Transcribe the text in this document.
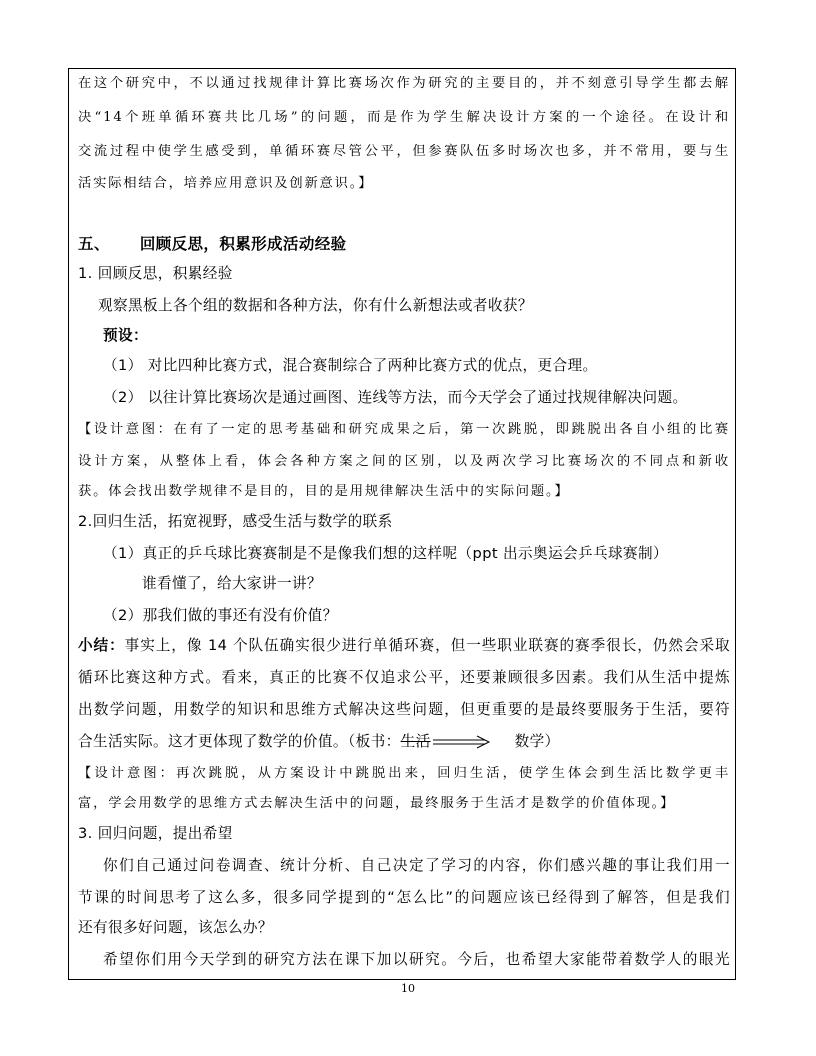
在这个研究中，不以通过找规律计算比赛场次作为研究的主要目的，并不刻意引导学生都去解
决“14个班单循环赛共比几场”的问题，而是作为学生解决设计方案的一个途径。在设计和
交流过程中使学生感受到，单循环赛尽管公平，但参赛队伍多时场次也多，并不常用，要与生
活实际相结合，培养应用意识及创新意识。】
五、 回顾反思，积累形成活动经验
1. 回顾反思，积累经验
观察黑板上各个组的数据和各种方法，你有什么新想法或者收获？
预设：
（1） 对比四种比赛方式，混合赛制综合了两种比赛方式的优点，更合理。
（2） 以往计算比赛场次是通过画图、连线等方法，而今天学会了通过找规律解决问题。
【设计意图：在有了一定的思考基础和研究成果之后，第一次跳脱，即跳脱出各自小组的比赛
设计方案，从整体上看，体会各种方案之间的区别，以及两次学习比赛场次的不同点和新收
获。体会找出数学规律不是目的，目的是用规律解决生活中的实际问题。】
2.回归生活，拓宽视野，感受生活与数学的联系
（1）真正的乒乓球比赛赛制是不是像我们想的这样呢（ppt 出示奥运会乒乓球赛制）
谁看懂了，给大家讲一讲？
（2）那我们做的事还有没有价值？
小结：事实上，像 14 个队伍确实很少进行单循环赛，但一些职业联赛的赛季很长，仍然会采取
循环比赛这种方式。看来，真正的比赛不仅追求公平，还要兼顾很多因素。我们从生活中提炼
出数学问题，用数学的知识和思维方式解决这些问题，但更重要的是最终要服务于生活，要符
合生活实际。这才更体现了数学的价值。（板书：生活	数学）
【设计意图：再次跳脱，从方案设计中跳脱出来，回归生活，使学生体会到生活比数学更丰
富，学会用数学的思维方式去解决生活中的问题，最终服务于生活才是数学的价值体现。】
3. 回归问题，提出希望
你们自己通过问卷调查、统计分析、自己决定了学习的内容，你们感兴趣的事让我们用一
节课的时间思考了这么多，很多同学提到的“怎么比”的问题应该已经得到了解答，但是我们
还有很多好问题，该怎么办？
希望你们用今天学到的研究方法在课下加以研究。今后，也希望大家能带着数学人的眼光
10
